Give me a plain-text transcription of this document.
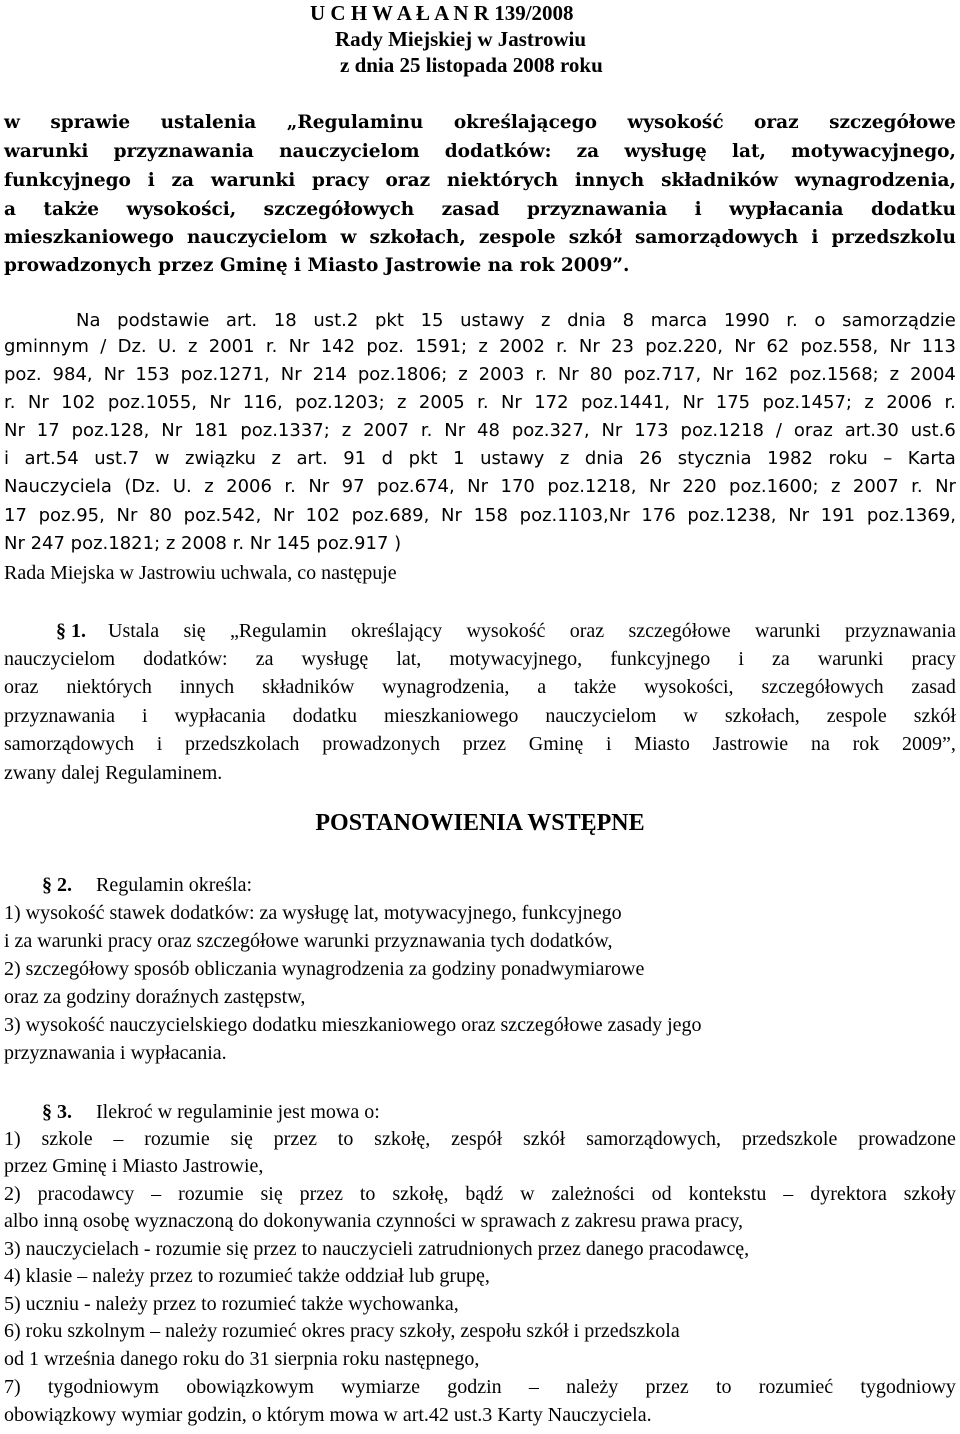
U C H W A Ł A N R 139/2008
Rady Miejskiej w Jastrowiu
z dnia 25 listopada 2008 roku
w sprawie ustalenia „Regulaminu określającego wysokość oraz szczegółowe
warunki przyznawania nauczycielom dodatków: za wysługę lat, motywacyjnego,
funkcyjnego i za warunki pracy oraz niektórych innych składników wynagrodzenia,
a także wysokości, szczegółowych zasad przyznawania i wypłacania dodatku
mieszkaniowego nauczycielom w szkołach, zespole szkół samorządowych i przedszkolu
prowadzonych przez Gminę i Miasto Jastrowie na rok 2009”.
Na podstawie art. 18 ust.2 pkt 15 ustawy z dnia 8 marca 1990 r. o samorządzie
gminnym / Dz. U. z 2001 r. Nr 142 poz. 1591; z 2002 r. Nr 23 poz.220, Nr 62 poz.558, Nr 113
poz. 984, Nr 153 poz.1271, Nr 214 poz.1806; z 2003 r. Nr 80 poz.717, Nr 162 poz.1568; z 2004
r. Nr 102 poz.1055, Nr 116, poz.1203; z 2005 r. Nr 172 poz.1441, Nr 175 poz.1457; z 2006 r.
Nr 17 poz.128, Nr 181 poz.1337; z 2007 r. Nr 48 poz.327, Nr 173 poz.1218 / oraz art.30 ust.6
i art.54 ust.7 w związku z art. 91 d pkt 1 ustawy z dnia 26 stycznia 1982 roku – Karta
Nauczyciela (Dz. U. z 2006 r. Nr 97 poz.674, Nr 170 poz.1218, Nr 220 poz.1600; z 2007 r. Nr
17 poz.95, Nr 80 poz.542, Nr 102 poz.689, Nr 158 poz.1103,Nr 176 poz.1238, Nr 191 poz.1369,
Nr 247 poz.1821; z 2008 r. Nr 145 poz.917 )
Rada Miejska w Jastrowiu uchwala, co następuje
§ 1. Ustala się „Regulamin określający wysokość oraz szczegółowe warunki przyznawania
nauczycielom dodatków: za wysługę lat, motywacyjnego, funkcyjnego i za warunki pracy
oraz niektórych innych składników wynagrodzenia, a także wysokości, szczegółowych zasad
przyznawania i wypłacania dodatku mieszkaniowego nauczycielom w szkołach, zespole szkół
samorządowych i przedszkolach prowadzonych przez Gminę i Miasto Jastrowie na rok 2009”,
zwany dalej Regulaminem.
POSTANOWIENIA WSTĘPNE
§ 2. Regulamin określa:
1) wysokość stawek dodatków: za wysługę lat, motywacyjnego, funkcyjnego
i za warunki pracy oraz szczegółowe warunki przyznawania tych dodatków,
2) szczegółowy sposób obliczania wynagrodzenia za godziny ponadwymiarowe
oraz za godziny doraźnych zastępstw,
3) wysokość nauczycielskiego dodatku mieszkaniowego oraz szczegółowe zasady jego
przyznawania i wypłacania.
§ 3. Ilekroć w regulaminie jest mowa o:
1) szkole – rozumie się przez to szkołę, zespół szkół samorządowych, przedszkole prowadzone
przez Gminę i Miasto Jastrowie,
2) pracodawcy – rozumie się przez to szkołę, bądź w zależności od kontekstu – dyrektora szkoły
albo inną osobę wyznaczoną do dokonywania czynności w sprawach z zakresu prawa pracy,
3) nauczycielach - rozumie się przez to nauczycieli zatrudnionych przez danego pracodawcę,
4) klasie – należy przez to rozumieć także oddział lub grupę,
5) uczniu - należy przez to rozumieć także wychowanka,
6) roku szkolnym – należy rozumieć okres pracy szkoły, zespołu szkół i przedszkola
od 1 września danego roku do 31 sierpnia roku następnego,
7) tygodniowym obowiązkowym wymiarze godzin – należy przez to rozumieć tygodniowy
obowiązkowy wymiar godzin, o którym mowa w art.42 ust.3 Karty Nauczyciela.
